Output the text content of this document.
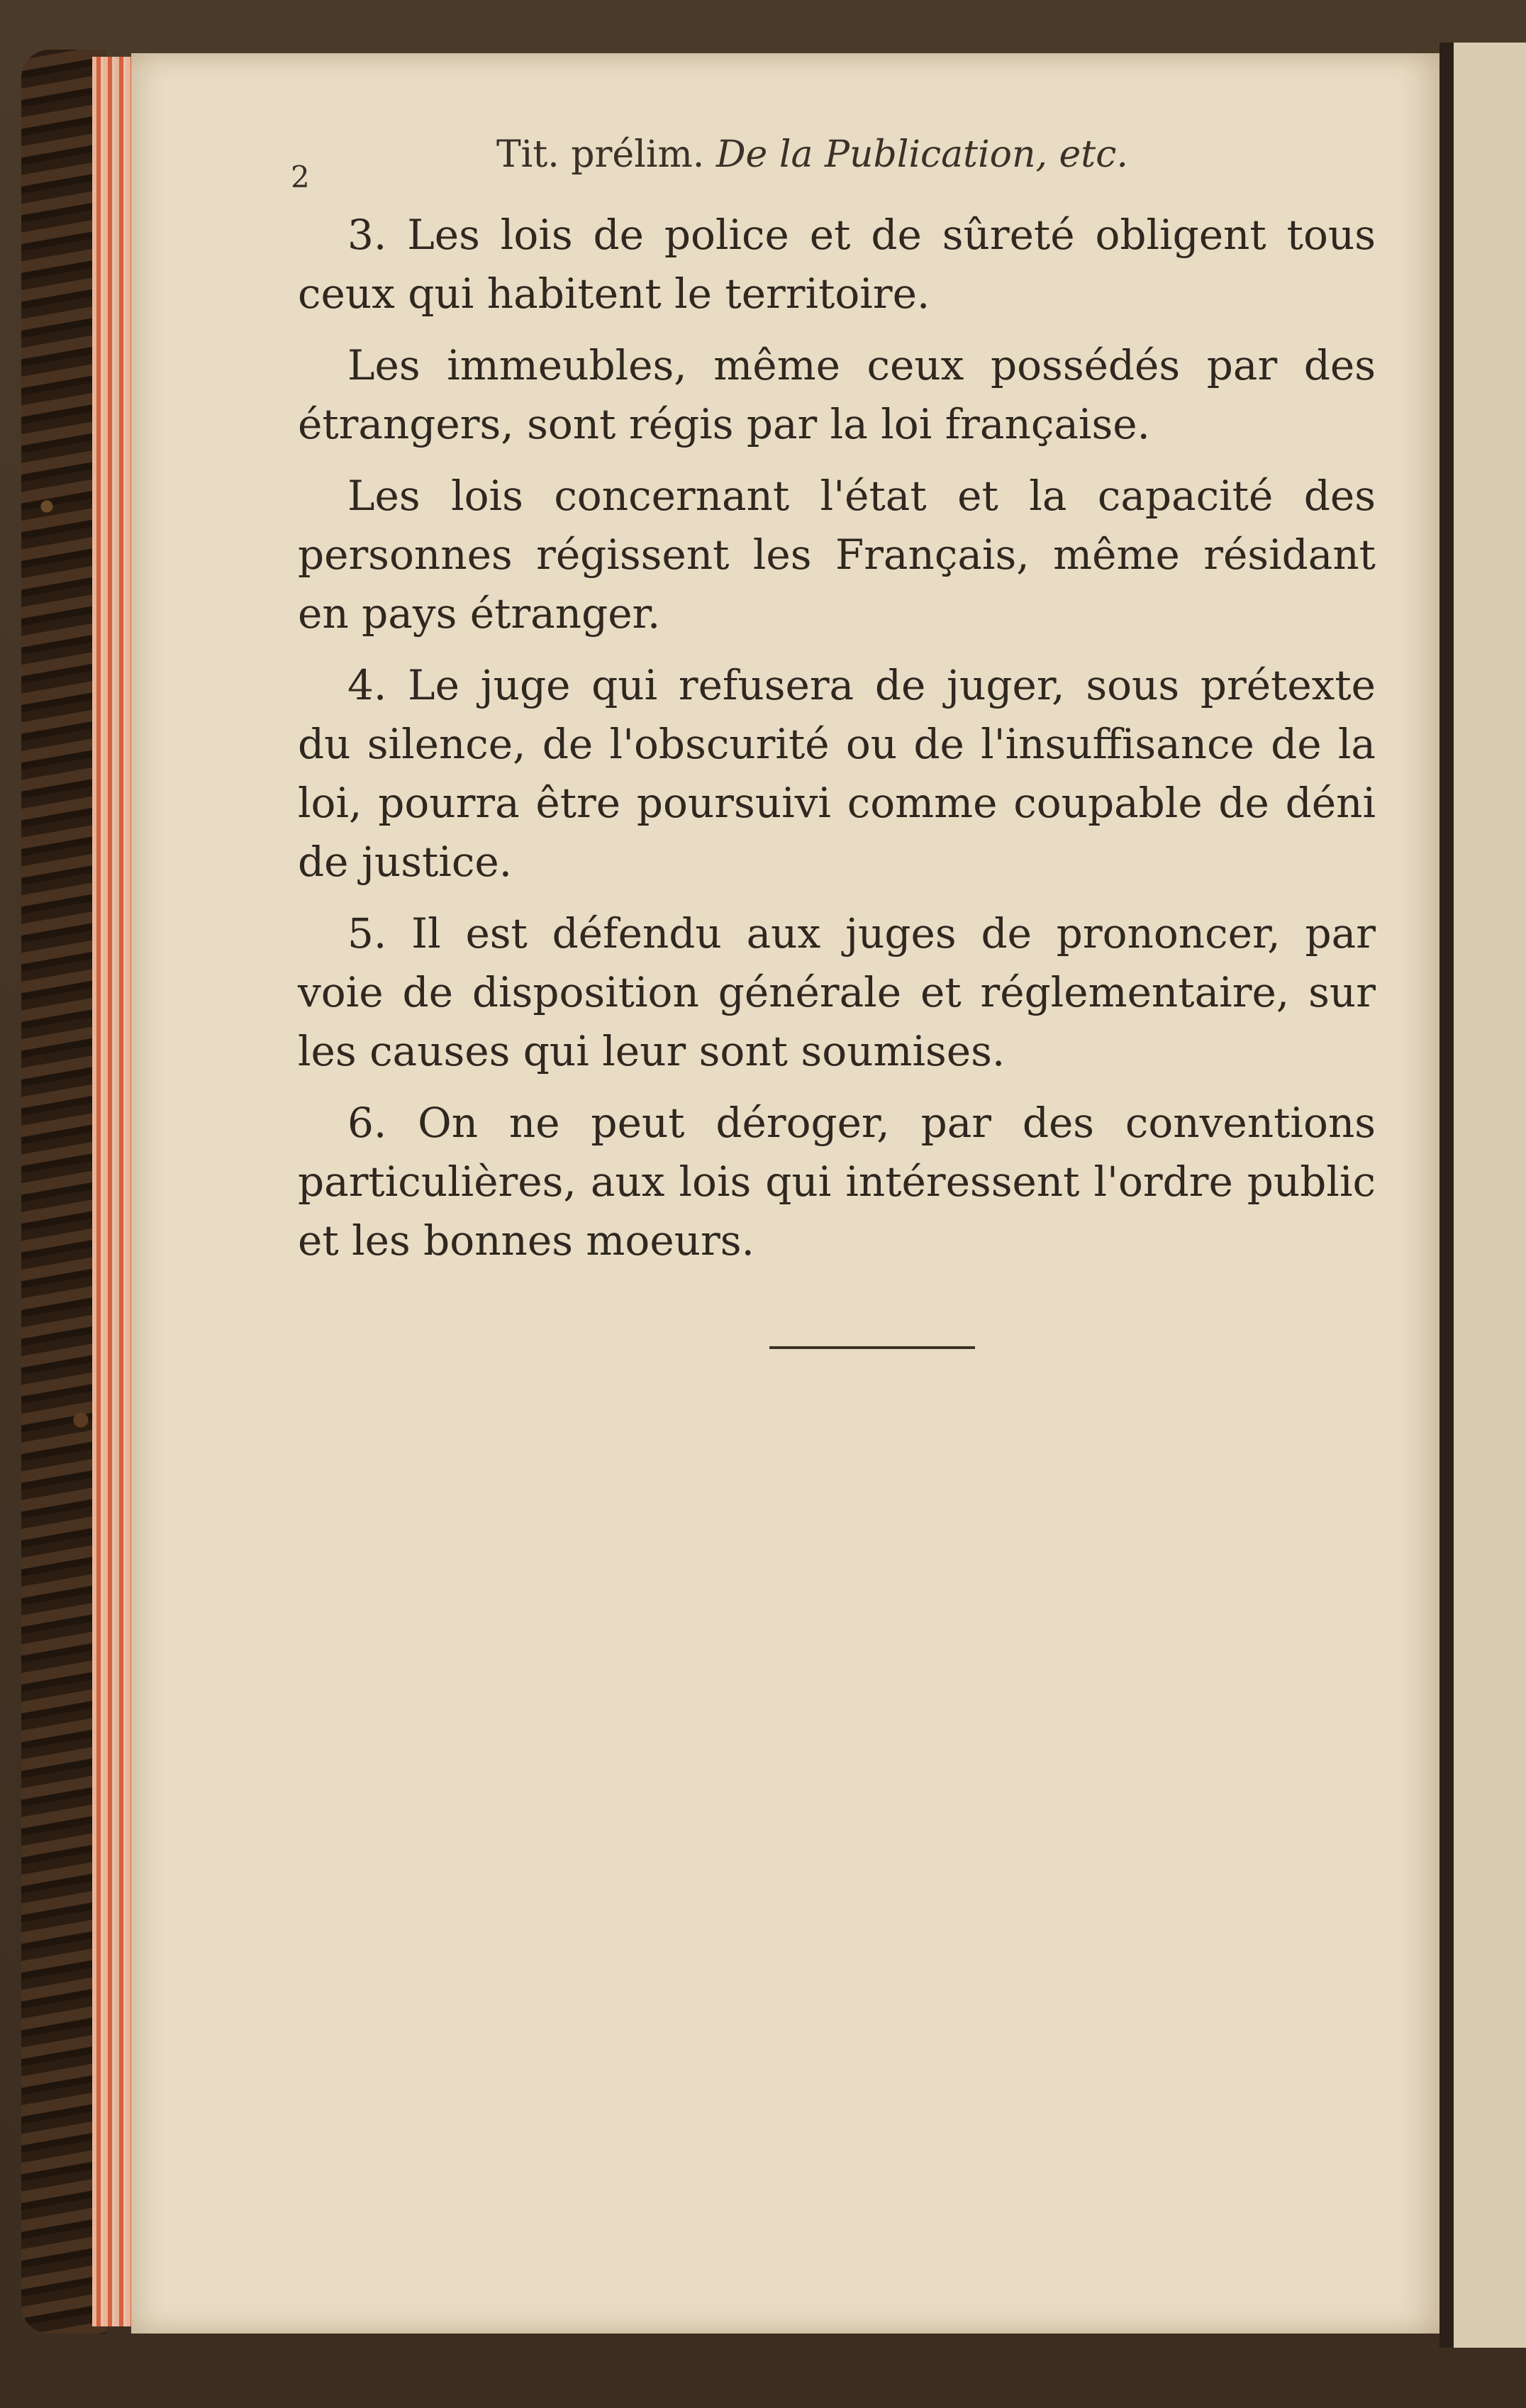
2
Tit. prélim. De la Publication, etc.

3. Les lois de police et de sûreté obligent tous ceux qui habitent le territoire.

Les immeubles, même ceux possédés par des étrangers, sont régis par la loi française.

Les lois concernant l'état et la capacité des personnes régissent les Français, même résidant en pays étranger.

4. Le juge qui refusera de juger, sous prétexte du silence, de l'obscurité ou de l'insuffisance de la loi, pourra être poursuivi comme coupable de déni de justice.

5. Il est défendu aux juges de prononcer, par voie de disposition générale et réglementaire, sur les causes qui leur sont soumises.

6. On ne peut déroger, par des conventions particulières, aux lois qui intéressent l'ordre public et les bonnes moeurs.
